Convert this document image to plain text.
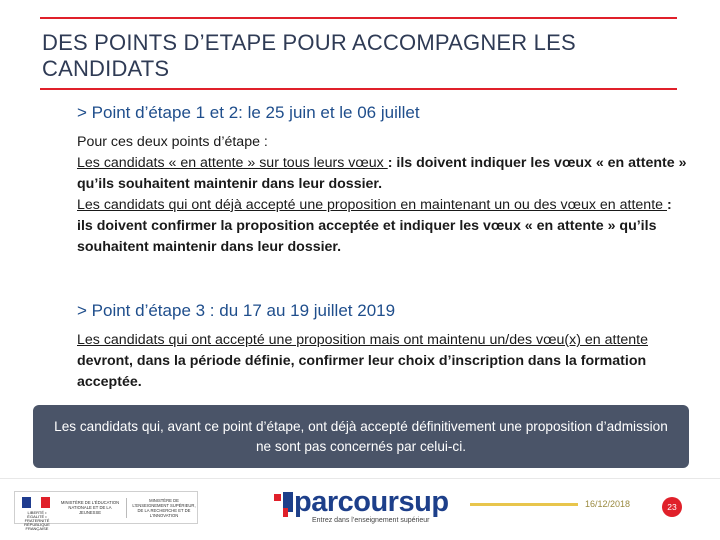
DES POINTS D’ETAPE POUR ACCOMPAGNER LES CANDIDATS
> Point d’étape 1 et 2: le 25 juin et le 06 juillet

Pour ces deux points d’étape :

Les candidats « en attente » sur tous leurs vœux : ils doivent indiquer les vœux « en attente » qu’ils souhaitent maintenir dans leur dossier.

Les candidats qui ont déjà accepté une proposition en maintenant un ou des vœux en attente : ils doivent confirmer la proposition acceptée et indiquer les vœux « en attente » qu’ils souhaitent maintenir dans leur dossier.

> Point d’étape 3 : du 17 au 19 juillet 2019

Les candidats qui ont accepté une proposition mais ont maintenu un/des vœu(x) en attente devront, dans la période définie, confirmer leur choix d’inscription dans la formation acceptée.

Les candidats qui, avant ce point d’étape, ont déjà accepté définitivement une proposition d’admission ne sont pas concernés par celui-ci.
LIBERTÉ • ÉGALITÉ • FRATERNITÉ RÉPUBLIQUE FRANÇAISE
MINISTÈRE DE L’ÉDUCATION NATIONALE ET DE LA JEUNESSE
MINISTÈRE DE L’ENSEIGNEMENT SUPÉRIEUR, DE LA RECHERCHE ET DE L’INNOVATION	parcoursup
Entrez dans l’enseignement supérieur
16/12/2018	23
